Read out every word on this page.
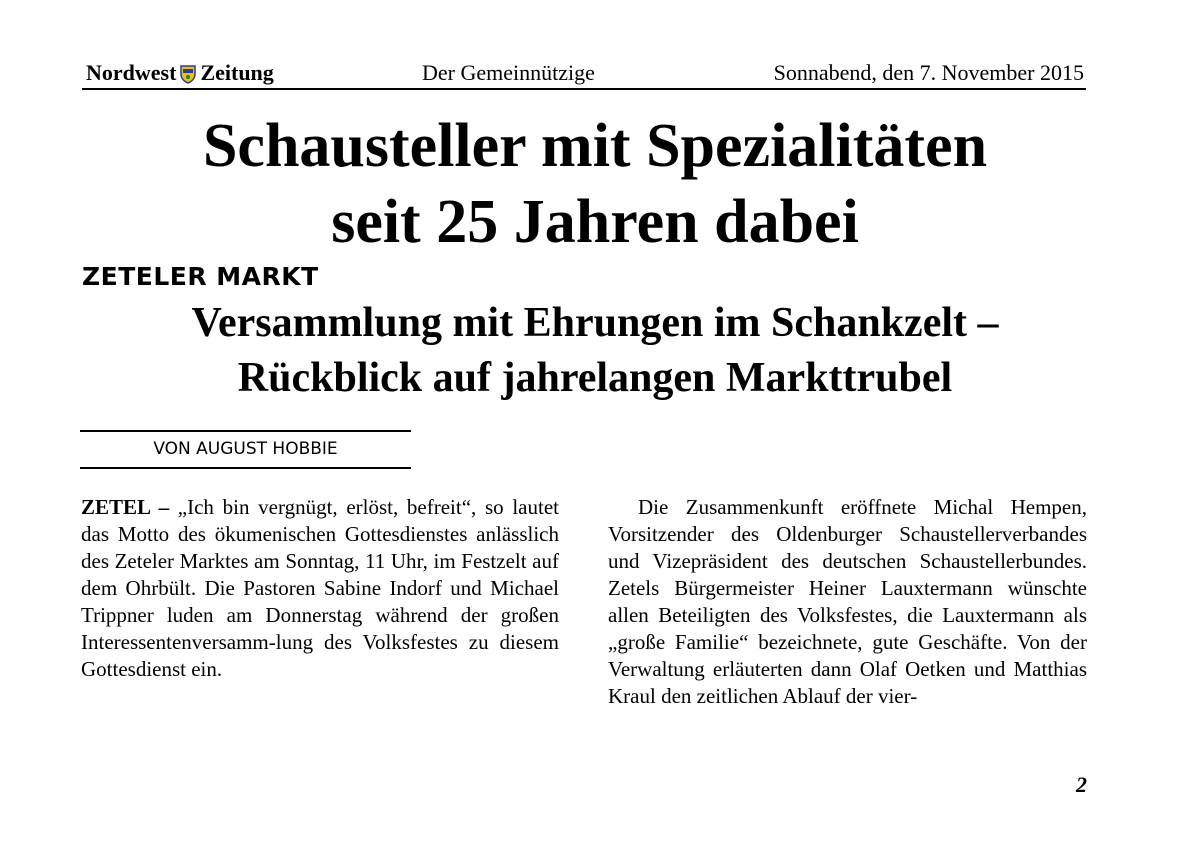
Nordwest Zeitung	Der Gemeinnützige	Sonnabend, den 7. November 2015
Schausteller mit Spezialitäten
seit 25 Jahren dabei
ZETELER MARKT
Versammlung mit Ehrungen im Schankzelt –
Rückblick auf jahrelangen Markttrubel
VON AUGUST HOBBIE

ZETEL – „Ich bin vergnügt, erlöst, befreit“, so lautet das Motto des ökumenischen Gottesdienstes anlässlich des Zeteler Marktes am Sonntag, 11 Uhr, im Festzelt auf dem Ohrbült. Die Pastoren Sabine Indorf und Michael Trippner luden am Donnerstag während der großen Interessentenversamm-lung des Volksfestes zu diesem Gottesdienst ein.

Die Zusammenkunft eröffnete Michal Hempen, Vorsitzender des Oldenburger Schaustellerverbandes und Vizepräsident des deutschen Schaustellerbundes. Zetels Bürgermeister Heiner Lauxtermann wünschte allen Beteiligten des Volksfestes, die Lauxtermann als „große Familie“ bezeichnete, gute Geschäfte. Von der Verwaltung erläuterten dann Olaf Oetken und Matthias Kraul den zeitlichen Ablauf der vier-

2
